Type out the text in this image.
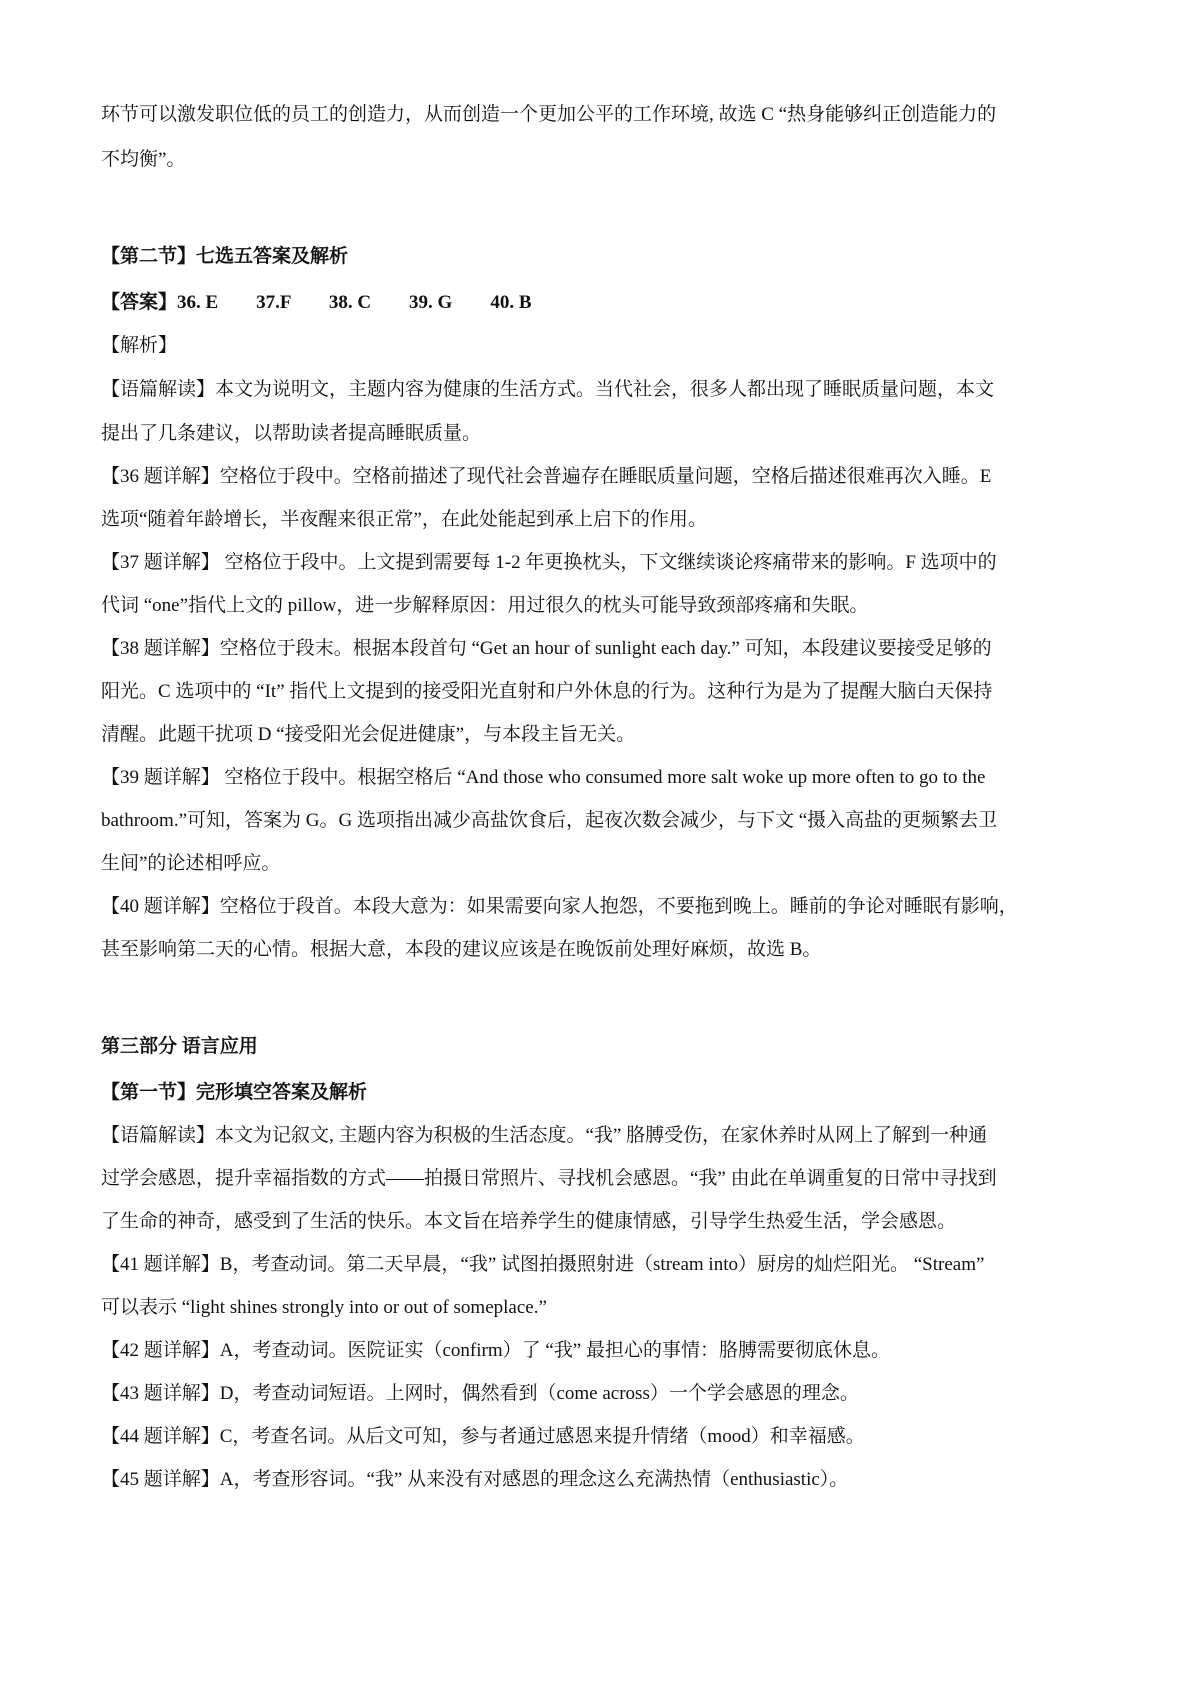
环节可以激发职位低的员工的创造力，从而创造一个更加公平的工作环境, 故选 C “热身能够纠正创造能力的
不均衡”。
【第二节】七选五答案及解析
【答案】36. E　　37.F　　38. C　　39. G　　40. B
【解析】
【语篇解读】本文为说明文，主题内容为健康的生活方式。当代社会，很多人都出现了睡眠质量问题，本文
提出了几条建议，以帮助读者提高睡眠质量。
【36 题详解】空格位于段中。空格前描述了现代社会普遍存在睡眠质量问题，空格后描述很难再次入睡。E
选项“随着年龄增长，半夜醒来很正常”，在此处能起到承上启下的作用。
【37 题详解】 空格位于段中。上文提到需要每 1-2 年更换枕头，下文继续谈论疼痛带来的影响。F 选项中的
代词 “one”指代上文的 pillow，进一步解释原因：用过很久的枕头可能导致颈部疼痛和失眠。
【38 题详解】空格位于段末。根据本段首句 “Get an hour of sunlight each day.” 可知，本段建议要接受足够的
阳光。C 选项中的 “It” 指代上文提到的接受阳光直射和户外休息的行为。这种行为是为了提醒大脑白天保持
清醒。此题干扰项 D “接受阳光会促进健康”，与本段主旨无关。
【39 题详解】 空格位于段中。根据空格后 “And those who consumed more salt woke up more often to go to the
bathroom.”可知，答案为 G。G 选项指出减少高盐饮食后，起夜次数会减少，与下文 “摄入高盐的更频繁去卫
生间”的论述相呼应。
【40 题详解】空格位于段首。本段大意为：如果需要向家人抱怨，不要拖到晚上。睡前的争论对睡眠有影响，
甚至影响第二天的心情。根据大意，本段的建议应该是在晚饭前处理好麻烦，故选 B。
第三部分 语言应用
【第一节】完形填空答案及解析
【语篇解读】本文为记叙文, 主题内容为积极的生活态度。“我” 胳膊受伤，在家休养时从网上了解到一种通
过学会感恩，提升幸福指数的方式——拍摄日常照片、寻找机会感恩。“我” 由此在单调重复的日常中寻找到
了生命的神奇，感受到了生活的快乐。本文旨在培养学生的健康情感，引导学生热爱生活，学会感恩。
【41 题详解】B，考查动词。第二天早晨，“我” 试图拍摄照射进（stream into）厨房的灿烂阳光。 “Stream”
可以表示 “light shines strongly into or out of someplace.”
【42 题详解】A，考查动词。医院证实（confirm）了 “我” 最担心的事情：胳膊需要彻底休息。
【43 题详解】D，考查动词短语。上网时，偶然看到（come across）一个学会感恩的理念。
【44 题详解】C，考查名词。从后文可知，参与者通过感恩来提升情绪（mood）和幸福感。
【45 题详解】A，考查形容词。“我” 从来没有对感恩的理念这么充满热情（enthusiastic）。
